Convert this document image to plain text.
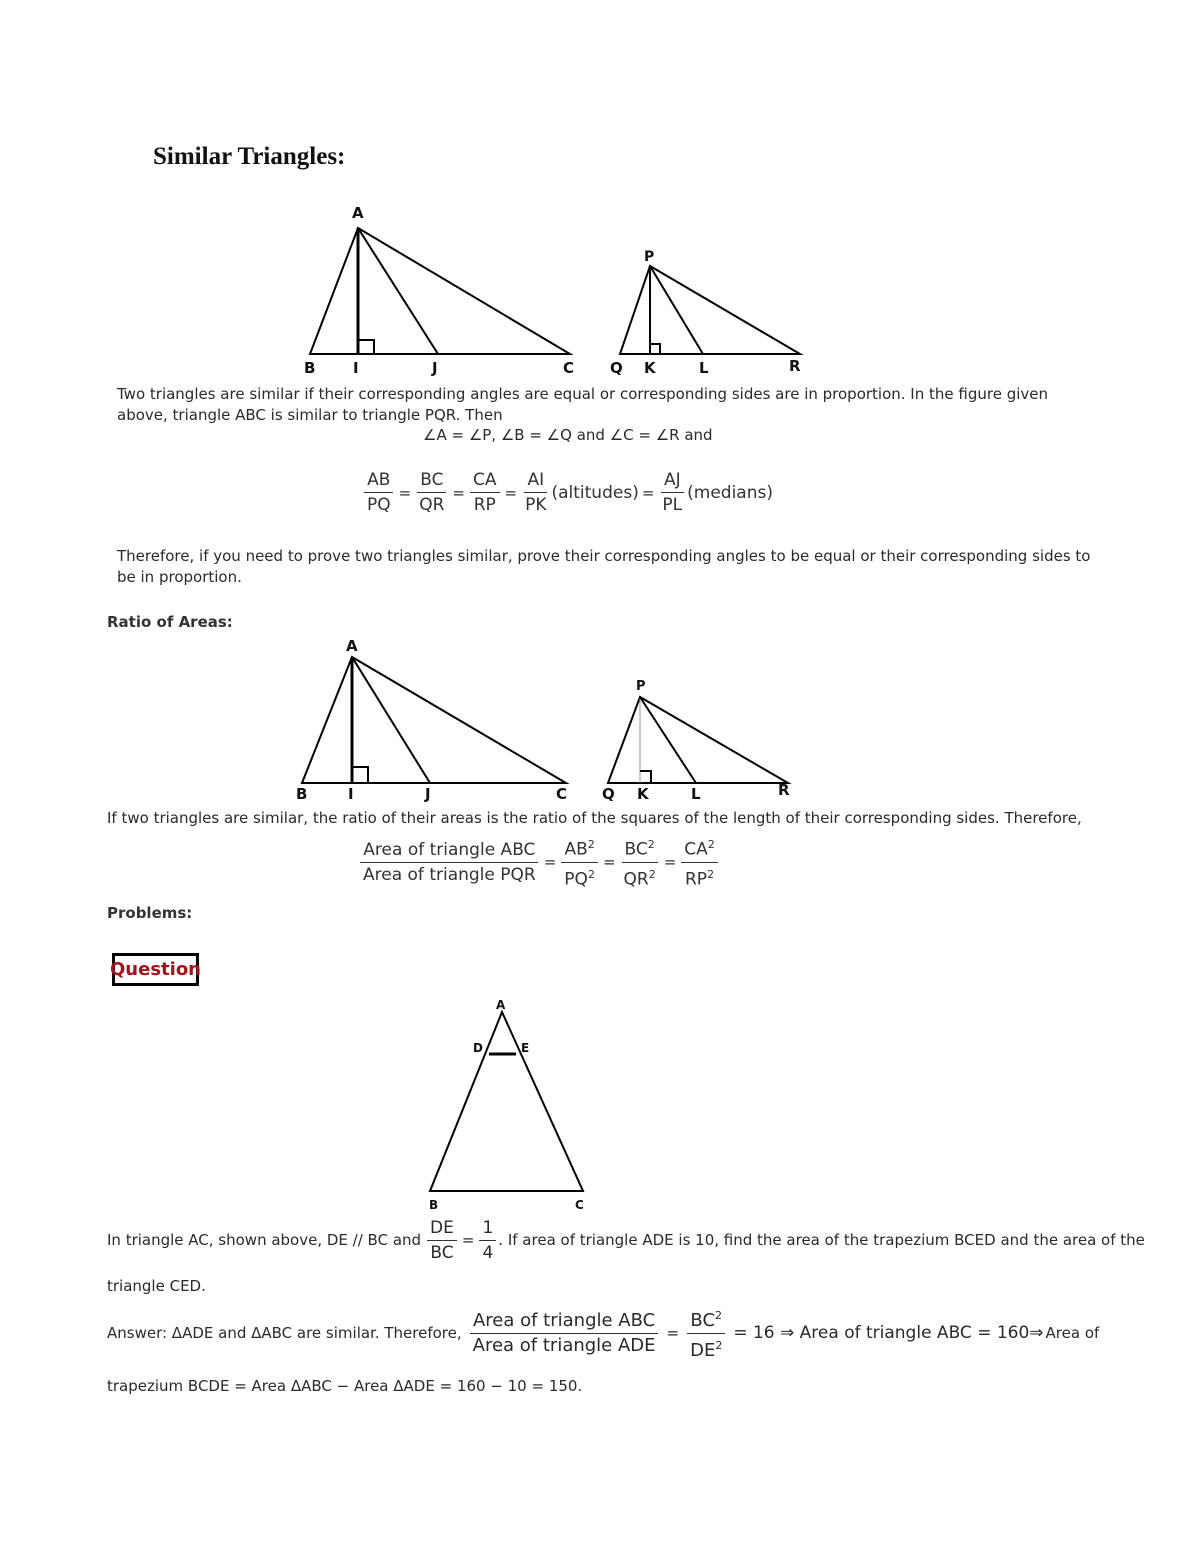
Similar Triangles:
A
B	I	J	C
P
Q K	L	R
Two triangles are similar if their corresponding angles are equal or corresponding sides are in proportion. In the figure given above, triangle ABC is similar to triangle PQR. Then
∠A = ∠P, ∠B = ∠Q and ∠C = ∠R and
$\frac{AB}{PQ} = \frac{BC}{QR} = \frac{CA}{RP} = \frac{AI}{PK}$ (altitudes) = $\frac{AJ}{PL}$ (medians)
Therefore, if you need to prove two triangles similar, prove their corresponding angles to be equal or their corresponding sides to be in proportion.
Ratio of Areas:
A
B	I	J	C
P
Q K	L	R
If two triangles are similar, the ratio of their areas is the ratio of the squares of the length of their corresponding sides. Therefore,
$\frac{\text{Area of triangle ABC}}{\text{Area of triangle PQR}} = \frac{AB^2}{PQ^2} = \frac{BC^2}{QR^2} = \frac{CA^2}{RP^2}$
Problems:
Question
A
D	E
B	C
In triangle AC, shown above, DE // BC and $\frac{DE}{BC} = \frac{1}{4}$ . If area of triangle ADE is 10, find the area of the trapezium BCED and the area of the
triangle CED.
Answer: ΔADE and ΔABC are similar. Therefore, $\frac{\text{Area of triangle ABC}}{\text{Area of triangle ADE}} = \frac{BC^2}{DE^2} = 16$ ⇒ Area of triangle ABC = 160⇒ Area of
trapezium BCDE = Area ΔABC − Area ΔADE = 160 − 10 = 150.
